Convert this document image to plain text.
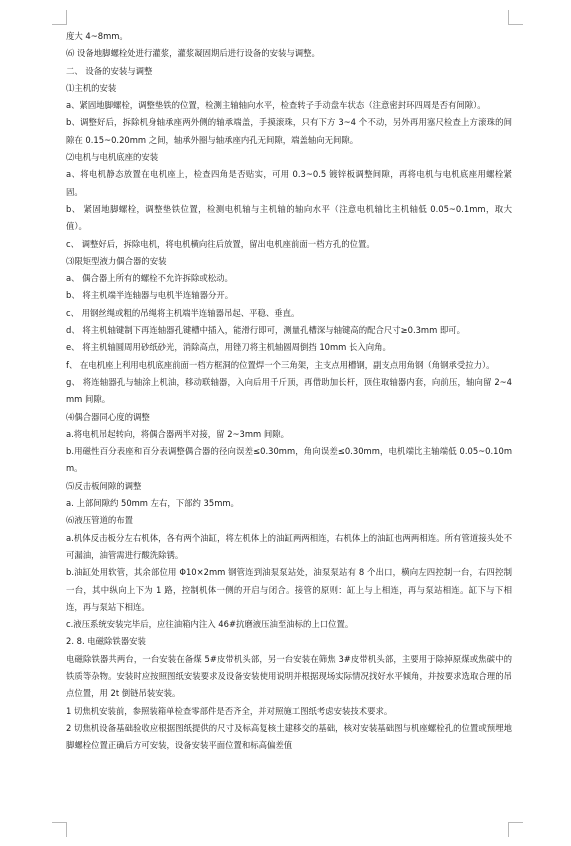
度大 4~8mm。

⑹ 设备地脚螺栓处进行灌浆，灌浆凝固期后进行设备的安装与调整。

二、 设备的安装与调整

⑴主机的安装

a、紧固地脚螺栓，调整垫铁的位置，检测主轴轴向水平，检查转子手动盘车状态（注意密封环四周是否有间隙）。

b、调整好后，拆除机身轴承座两外侧的轴承端盖，手摸滚珠，只有下方 3~4 个不动，另外再用塞尺检查上方滚珠的间隙在 0.15~0.20mm 之间，轴承外圈与轴承座内孔无间隙，端盖轴向无间隙。

⑵电机与电机底座的安装

a、将电机静态放置在电机座上，检查四角是否贴实，可用 0.3~0.5 镀锌板调整间隙，再将电机与电机底座用螺栓紧固。

b、 紧固地脚螺栓，调整垫铁位置，检测电机轴与主机轴的轴向水平（注意电机轴比主机轴低 0.05~0.1mm，取大值）。

c、 调整好后，拆除电机，将电机横向往后放置，留出电机座前面一档方孔的位置。

⑶限矩型液力偶合器的安装

a、 偶合器上所有的螺栓不允许拆除或松动。

b、 将主机端半连轴器与电机半连轴器分开。

c、 用钢丝绳或粗的吊绳将主机端半连轴器吊起、平稳、垂直。

d、 将主机轴键制下再连轴器孔键槽中插入，能滑行即可，测量孔槽深与轴键高的配合尺寸≥0.3mm 即可。

e、 将主机轴圆周用砂纸砂光，消除高点，用锉刀将主机轴圆周倒挡 10mm 长入向角。

f、 在电机座上利用电机底座前面一档方框洞的位置焊一个三角架，主支点用槽钢，副支点用角钢（角钢承受拉力）。

g、 将连轴器孔与轴涂上机油，移动联轴器，入向后用千斤顶，再借助加长杆，顶住取轴器内套，向前压，轴向留 2~4mm 间隙。

⑷偶合器同心度的调整

a.将电机吊起转向，将偶合器两半对接，留 2~3mm 间隙。

b.用磁性百分表座和百分表调整偶合器的径向误差≤0.30mm，角向误差≤0.30mm，电机端比主轴端低 0.05~0.10mm。

⑸反击板间隙的调整

a. 上部间隙约 50mm 左右，下部约 35mm。

⑹液压管道的布置

a.机体反击板分左右机体，各有两个油缸，将左机体上的油缸两两相连，右机体上的油缸也两两相连。所有管道接头处不可漏油，油管需进行酸洗除锈。

b.油缸处用软管，其余部位用 Φ10×2mm 钢管连到油泵泵站处，油泵泵站有 8 个出口，横向左四控制一台，右四控制一台，其中纵向上下为 1 路，控制机体一侧的开启与闭合。接管的原则：缸上与上相连，再与泵站相连。缸下与下相连，再与泵站下相连。

c.液压系统安装完毕后，应往油箱内注入 46#抗磨液压油至油标的上口位置。

2. 8. 电磁除铁器安装

电磁除铁器共两台，一台安装在备煤 5#皮带机头部，另一台安装在筛焦 3#皮带机头部，主要用于除掉原煤或焦碳中的铁质等杂物。安装时应按照图纸安装要求及设备安装使用说明并根据现场实际情况找好水平倾角，并按要求选取合理的吊点位置，用 2t 倒链吊装安装。

1 切焦机安装前，参照装箱单检查零部件是否齐全，并对照施工图纸考虑安装技术要求。

2 切焦机设备基础验收应根据图纸提供的尺寸及标高复核土建移交的基础，核对安装基础图与机座螺栓孔的位置或预埋地脚螺栓位置正确后方可安装，设备安装平面位置和标高偏差值
